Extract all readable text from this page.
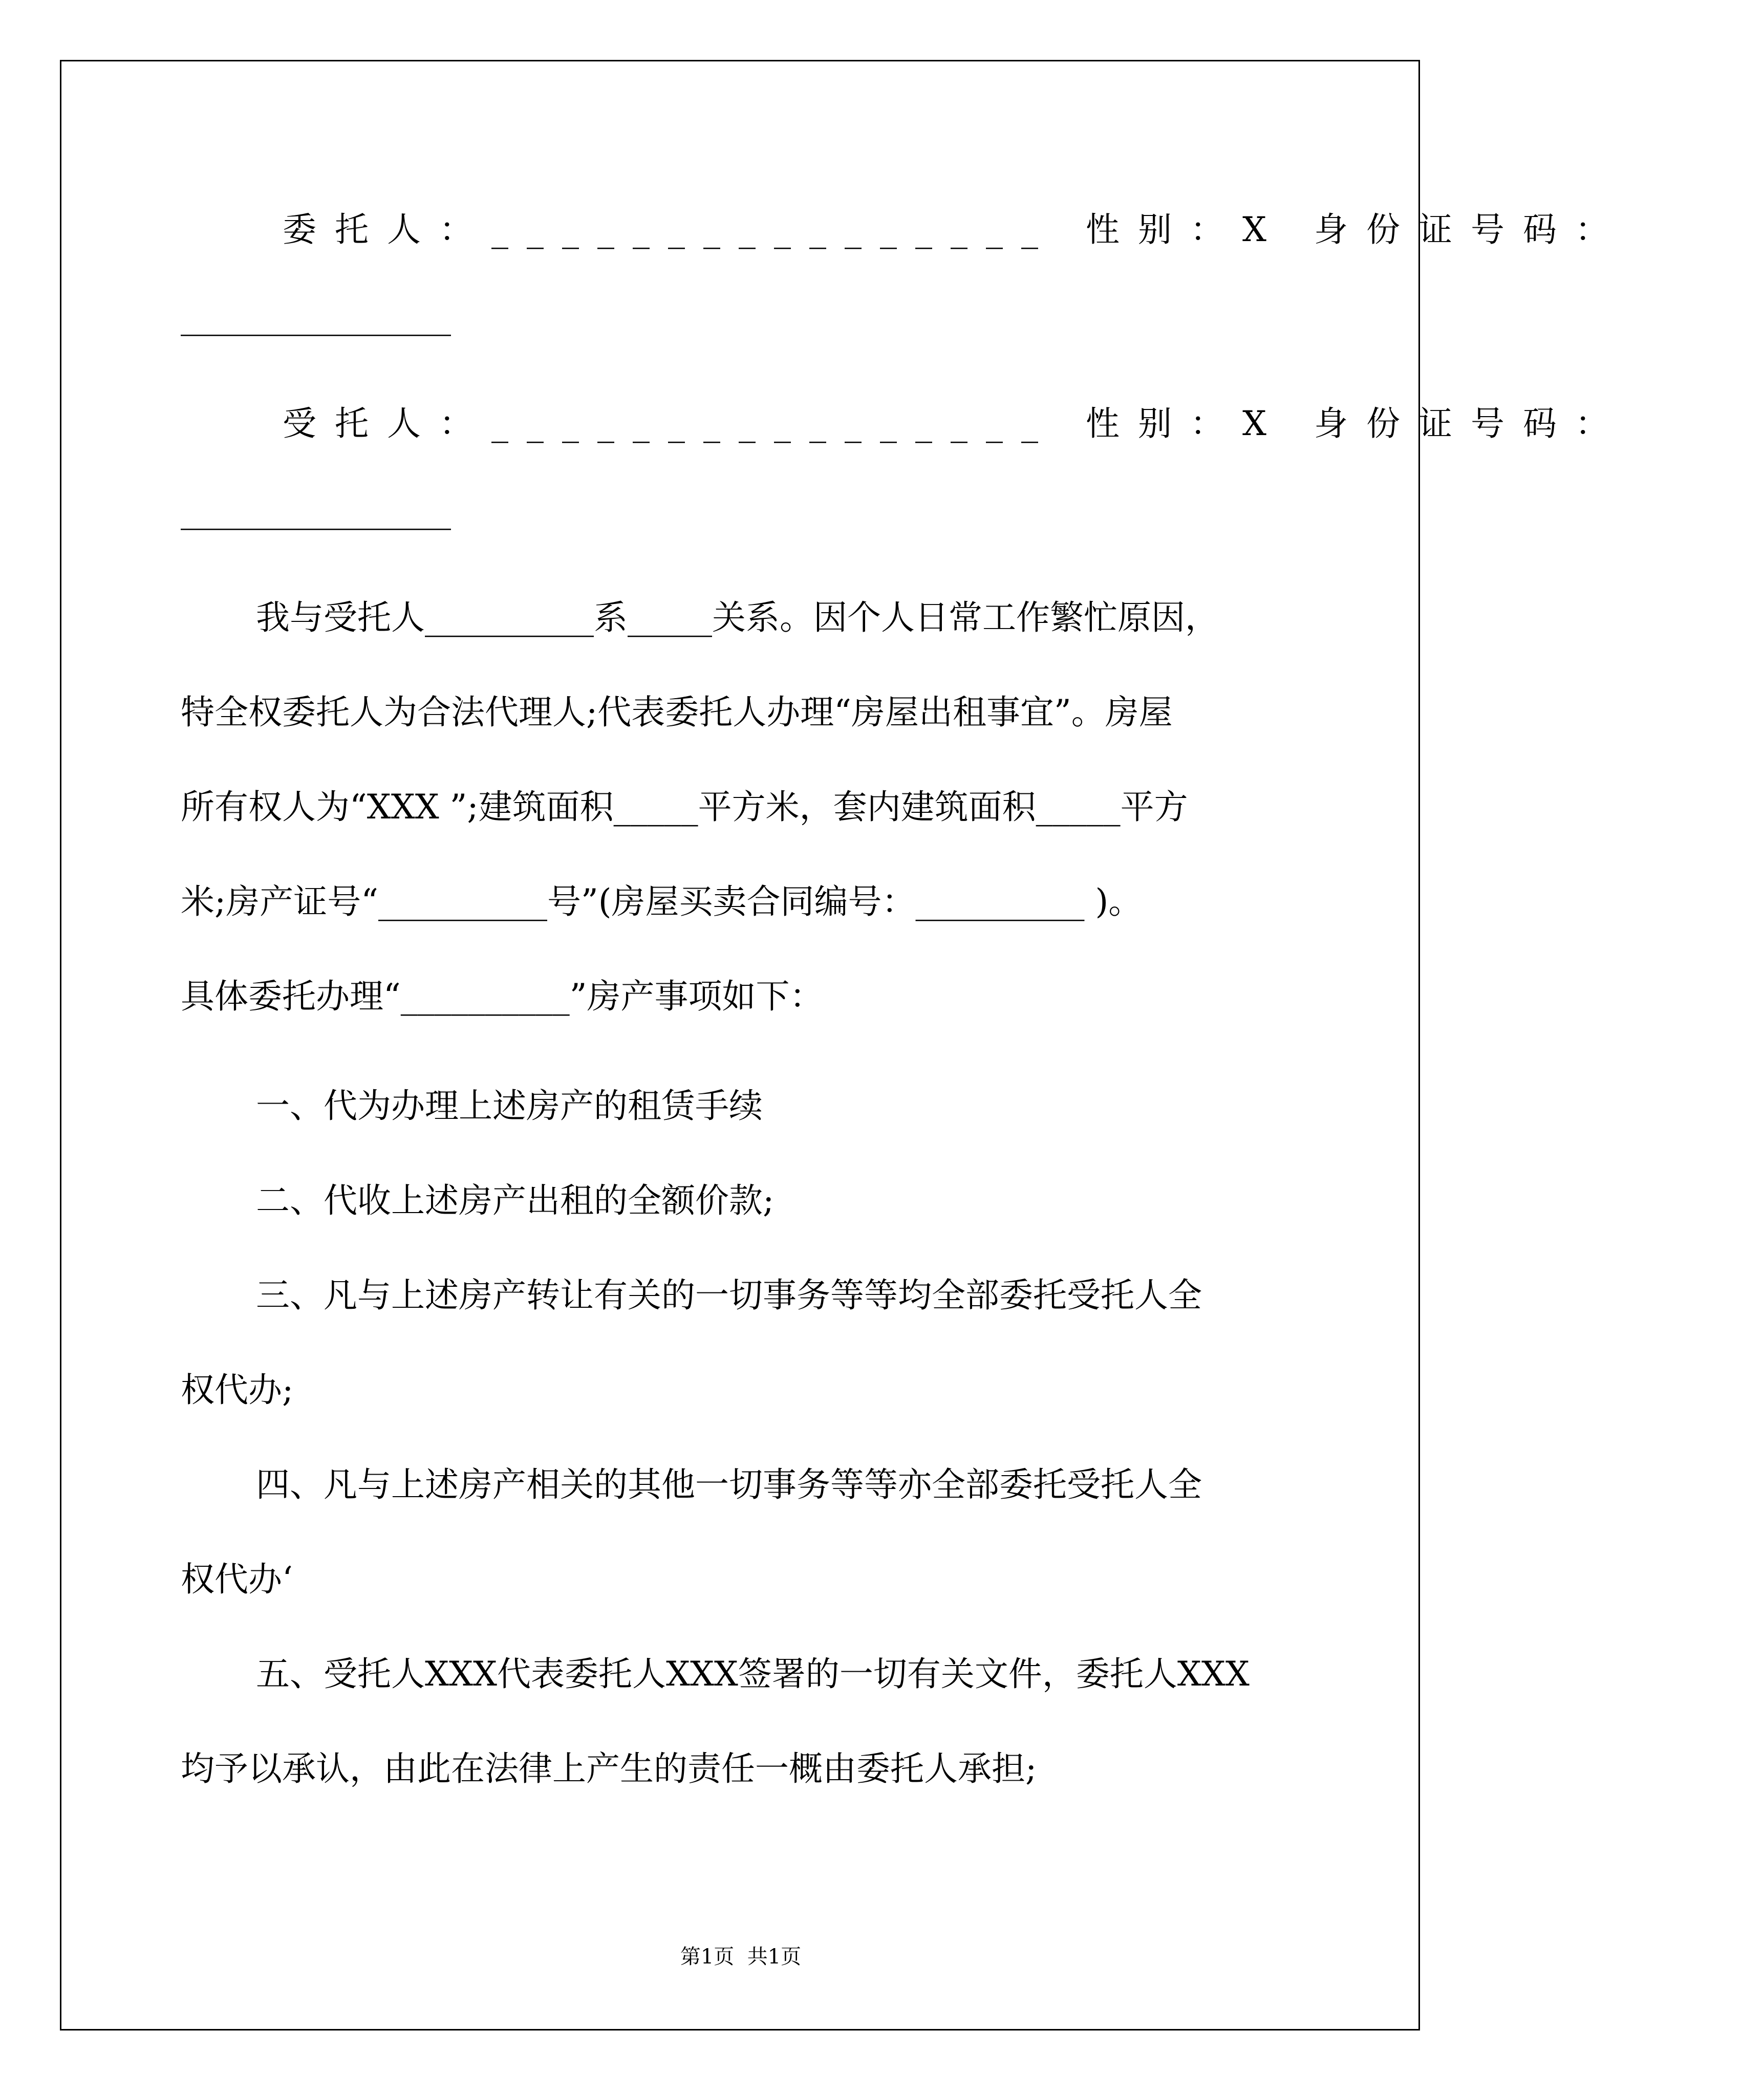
委托人：________________ 性别：X 身份证号码：
________________
受托人：________________ 性别：X 身份证号码：
________________
我与受托人__________系_____关系。因个人日常工作繁忙原因，
特全权委托人为合法代理人;代表委托人办理“房屋出租事宜”。房屋
所有权人为“XXX ”;建筑面积_____平方米，套内建筑面积_____平方
米;房产证号“__________号”(房屋买卖合同编号：__________ )。
具体委托办理“__________”房产事项如下：
一、代为办理上述房产的租赁手续
二、代收上述房产出租的全额价款;
三、凡与上述房产转让有关的一切事务等等均全部委托受托人全
权代办;
四、凡与上述房产相关的其他一切事务等等亦全部委托受托人全
权代办‘
五、受托人XXX代表委托人XXX签署的一切有关文件，委托人XXX
均予以承认，由此在法律上产生的责任一概由委托人承担;
第1页  共1页
